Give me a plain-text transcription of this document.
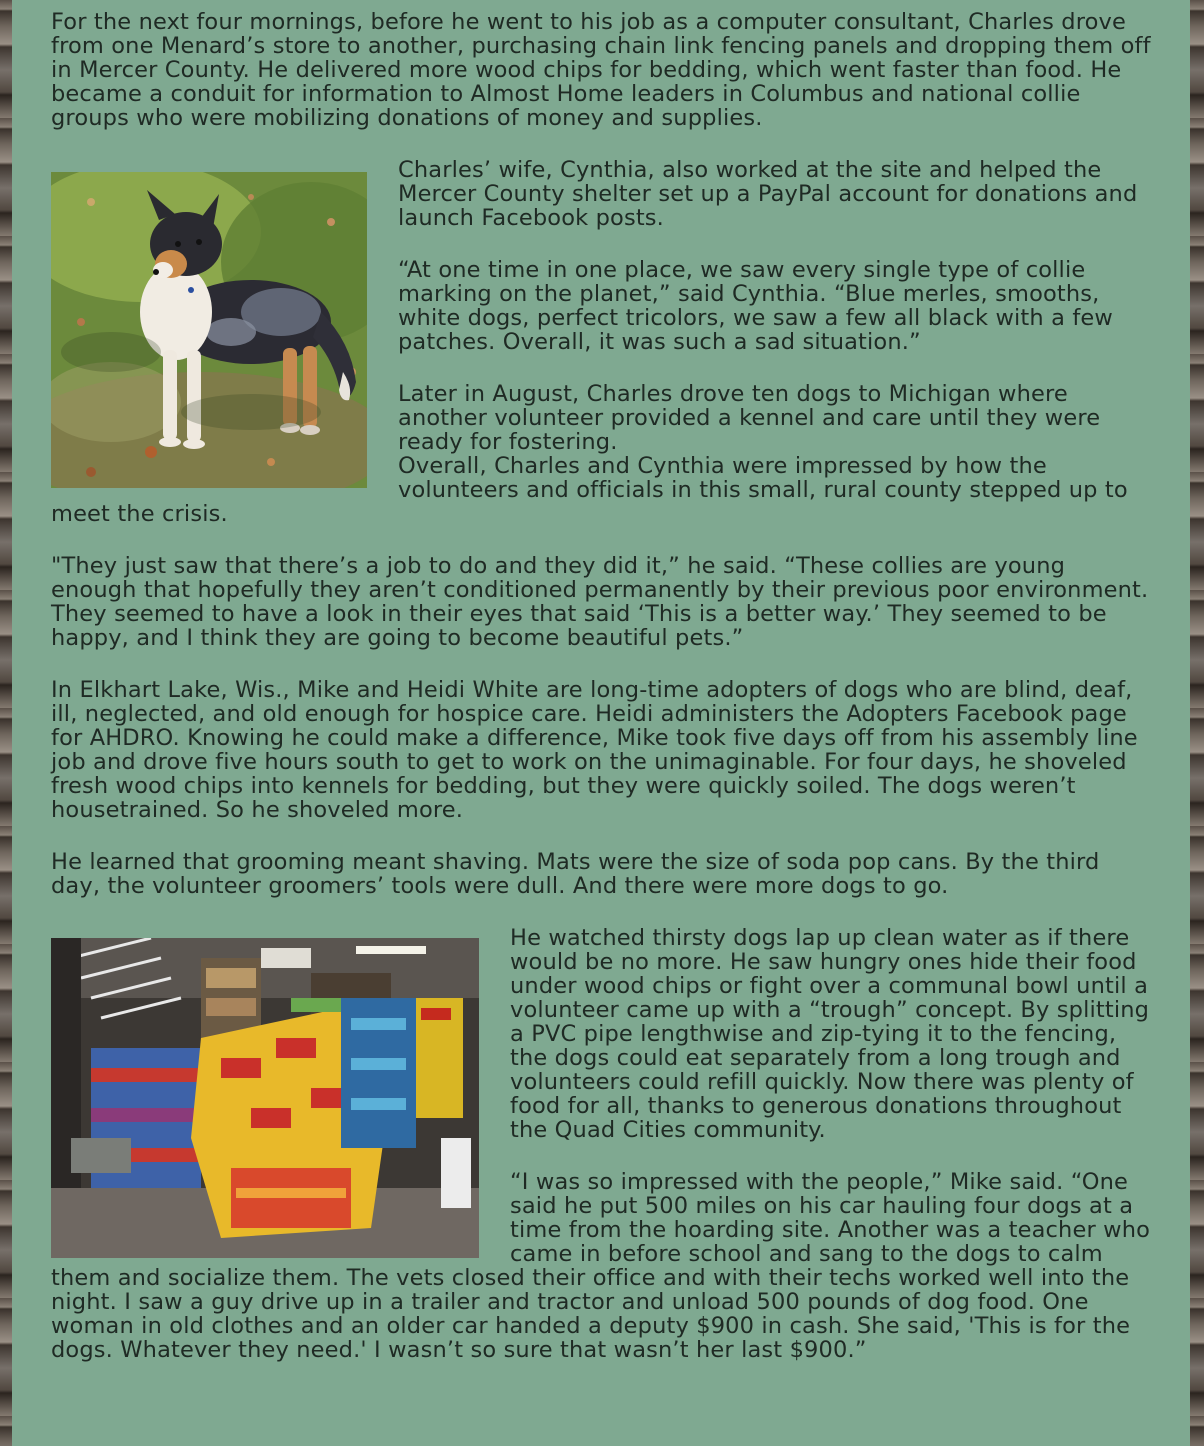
For the next four mornings, before he went to his job as a computer consultant, Charles drove from one Menard’s store to another, purchasing chain link fencing panels and dropping them off in Mercer County. He delivered more wood chips for bedding, which went faster than food. He became a conduit for information to Almost Home leaders in Columbus and national collie groups who were mobilizing donations of money and supplies.

Charles’ wife, Cynthia, also worked at the site and helped the Mercer County shelter set up a PayPal account for donations and launch Facebook posts.

“At one time in one place, we saw every single type of collie marking on the planet,” said Cynthia. “Blue merles, smooths, white dogs, perfect tricolors, we saw a few all black with a few patches. Overall, it was such a sad situation.”

Later in August, Charles drove ten dogs to Michigan where another volunteer provided a kennel and care until they were ready for fostering.
Overall, Charles and Cynthia were impressed by how the volunteers and officials in this small, rural county stepped up to meet the crisis.

"They just saw that there’s a job to do and they did it,” he said. “These collies are young enough that hopefully they aren’t conditioned permanently by their previous poor environment. They seemed to have a look in their eyes that said ‘This is a better way.’ They seemed to be happy, and I think they are going to become beautiful pets.”

In Elkhart Lake, Wis., Mike and Heidi White are long-time adopters of dogs who are blind, deaf, ill, neglected, and old enough for hospice care. Heidi administers the Adopters Facebook page for AHDRO. Knowing he could make a difference, Mike took five days off from his assembly line job and drove five hours south to get to work on the unimaginable. For four days, he shoveled fresh wood chips into kennels for bedding, but they were quickly soiled. The dogs weren’t housetrained. So he shoveled more.

He learned that grooming meant shaving. Mats were the size of soda pop cans. By the third day, the volunteer groomers’ tools were dull. And there were more dogs to go.

He watched thirsty dogs lap up clean water as if there would be no more. He saw hungry ones hide their food under wood chips or fight over a communal bowl until a volunteer came up with a “trough” concept. By splitting a PVC pipe lengthwise and zip-tying it to the fencing, the dogs could eat separately from a long trough and volunteers could refill quickly. Now there was plenty of food for all, thanks to generous donations throughout the Quad Cities community.

“I was so impressed with the people,” Mike said. “One said he put 500 miles on his car hauling four dogs at a time from the hoarding site. Another was a teacher who came in before school and sang to the dogs to calm them and socialize them. The vets closed their office and with their techs worked well into the night. I saw a guy drive up in a trailer and tractor and unload 500 pounds of dog food. One woman in old clothes and an older car handed a deputy $900 in cash. She said, 'This is for the dogs. Whatever they need.' I wasn’t so sure that wasn’t her last $900.”
